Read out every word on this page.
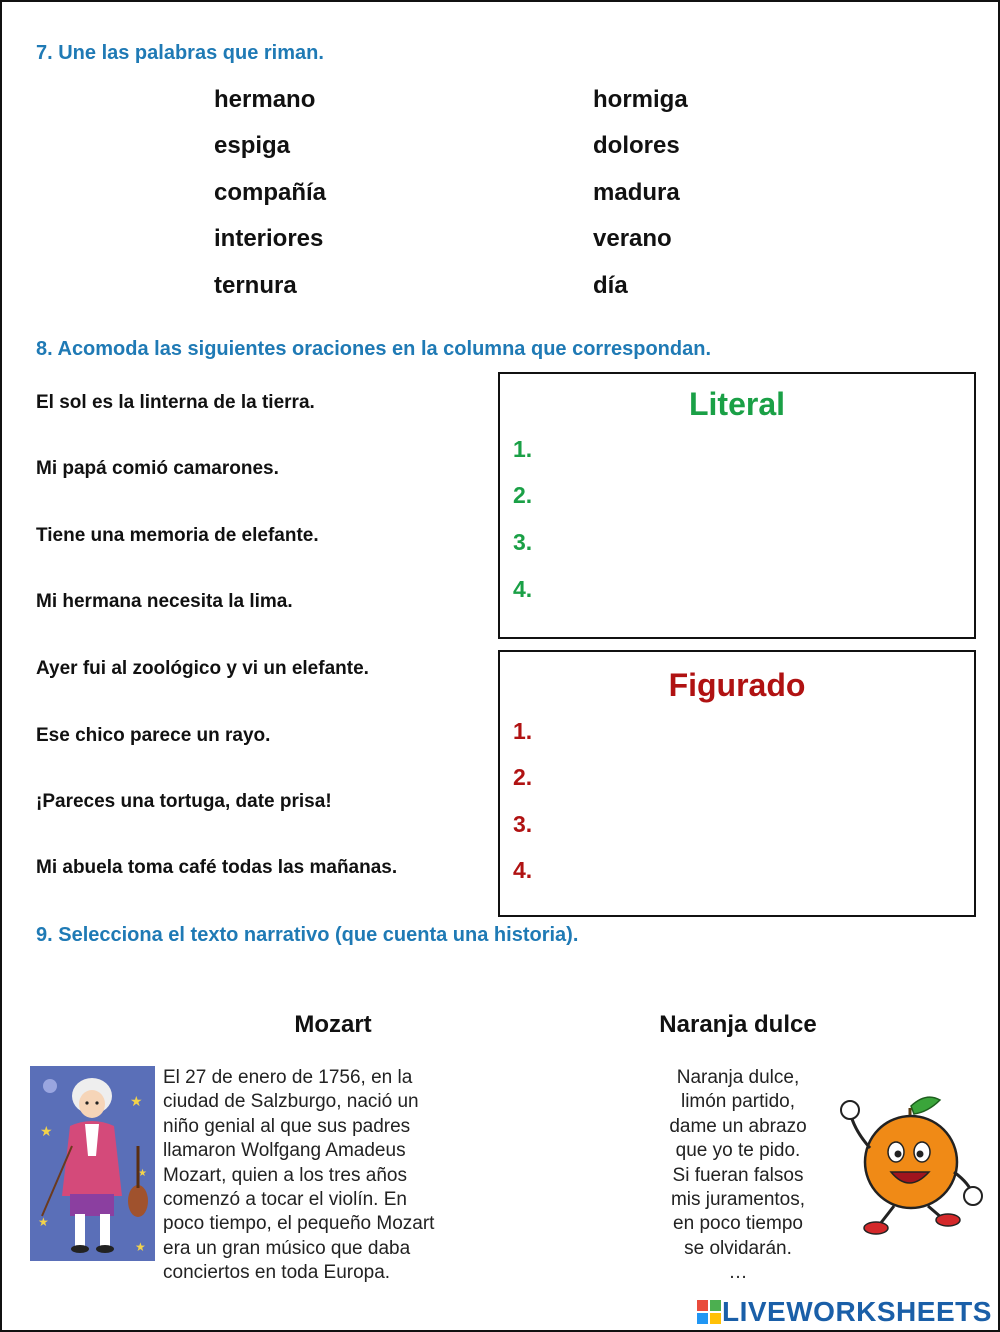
7. Une las palabras que riman.
hermano
espiga
compañía
interiores
ternura
hormiga
dolores
madura
verano
día
8. Acomoda las siguientes oraciones en la columna que correspondan.
El sol es la linterna de la tierra.
Mi papá comió camarones.
Tiene una memoria de elefante.
Mi hermana necesita la lima.
Ayer fui al zoológico y vi un elefante.
Ese chico parece un rayo.
¡Pareces una tortuga, date prisa!
Mi abuela toma café todas las mañanas.
Literal
1.
2.
3.
4.
Figurado
1.
2.
3.
4.
9. Selecciona el texto narrativo (que cuenta una historia).
Mozart	Naranja dulce
★
★
★
★
★
El 27 de enero de 1756, en la
ciudad de Salzburgo, nació un
niño genial al que sus padres
llamaron Wolfgang Amadeus
Mozart, quien a los tres años
comenzó a tocar el violín. En
poco tiempo, el pequeño Mozart
era un gran músico que daba
conciertos en toda Europa.
Naranja dulce,
limón partido,
dame un abrazo
que yo te pido.
Si fueran falsos
mis juramentos,
en poco tiempo
se olvidarán.
…
LIVEWORKSHEETS
